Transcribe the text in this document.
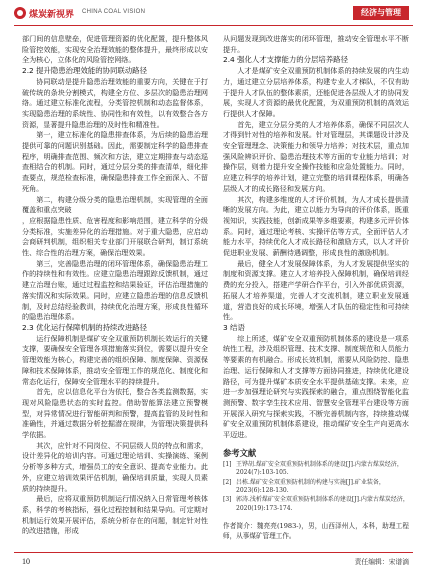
煤炭新视界 CHINA COAL VISION	经济与管理

部门间的信息壁垒，促进管理资源的优化配置，提升整体风险管控效能，实现安全治理效能的整体提升，最终形成以安全为核心，立体化的风险管控网络。

2.2 提升隐患治理效能的协同联动路径

协同联动是提升隐患治理效能的重要方向，关键在于打破传统的条块分割模式，构建全方位、多层次的隐患治理网络。通过建立标准化流程，分类管控机制和动态监督体系，实现隐患治理的系统性、协同性和有效性，以有效整合各方资源，显著提升隐患治理的及时性和精准性。

第一，建立标准化的隐患排查体系，为后续的隐患治理提供可靠的问题识别基础。因此，需要制定科学的隐患排查程序，明确排查范围、频次和方法，建立定期排查与动态巡查相结合的机制。同时，通过分层分类的排查清单，细化排查要点，规范检查标准，确保隐患排查工作全面深入、不留死角。

第二，构建分级分类的隐患治理机制，实现管理的全面覆盖和重点突破

，应根据隐患性质、危害程度和影响范围，建立科学的分级分类标准，实施差异化的治理措施。对于重大隐患，应启动会商研判机制，组织相关专业部门开展联合研判，制订系统性、综合性的治理方案，确保治理效果。

第三，完善隐患治理的闭环管理体系，确保隐患治理工作的持续性和有效性。应建立隐患治理跟踪反馈机制，通过建立治理台账，通过过程监控和结果验证，评估治理措施的落实情况和实际效果。同时，应建立隐患治理的信息反馈机制，及时总结经验教训，持续优化治理方案，形成良性循环的隐患治理体系。

2.3 优化运行保障机制的持续改进路径

运行保障机制是煤矿安全双重预防机制长效运行的关键支撑，要确保安全管理各项措施落实到位，需要以提升安全管理效能为核心，构建完善的组织保障、制度保障、资源保障和技术保障体系，推动安全管理工作的规范化、制度化和常态化运行，保障安全管理水平的持续提升。

首先，应以信息化平台为依托，整合各类监测数据，实现对风险隐患状态的实时监控。借助智能算法建立预警模型，对异常情况进行智能研判和预警，提高监管的及时性和准确性，并通过数据分析挖掘潜在规律，为管理决策提供科学依据。

其次，应针对不同岗位、不同层级人员的特点和需求，设计差异化的培训内容。可通过理论培训、实操演练、案例分析等多种方式，增强员工的安全意识、提高专业能力。此外，应建立培训效果评估机制，确保培训质量，实现人员素质的持续提升。

最后，应将双重预防机制运行情况纳入日常管理考核体系，科学的考核指标，强化过程控制和结果导向。可定期对机制运行效果开展评估，系统分析存在的问题，制定针对性的改进措施，形成

从问题发现到改进落实的闭环管理，推动安全管理水平不断提升。

2.4 强化人才支撑能力的分层培养路径

人才是煤矿安全双重预防机制体系的持续发展的内生动力，通过建立分层培养体系，构建专业人才梯队，不仅有助于提升人才队伍的整体素质，还能促进各层级人才的协同发展，实现人才资源的最优化配置，为双重预防机制的高效运行提供人才保障。

首先，建立分层分类的人才培养体系，确保不同层次人才得到针对性的培养和发展。针对管理层，其课题设计涉及安全管理理念、决策能力和领导力培养；对技术层，重点加强风险辨识评价、隐患治理技术等方面的专业能力培训；对操作层，则着力提升安全操作技能和应急处置能力。同时，应建立科学的培养计划，建立完整的培训课程体系，明确各层级人才的成长路径和发展方向。

其次，构建多维度的人才评价机制，为人才成长提供清晰的发展方向。为此，建立以能力为导向的评价体系，既重视知识，实践技能，创新成果等多维要素，构建多元评价体系。同时，通过理论考核、实操评估等方式，全面评估人才能力水平，持续优化人才成长路径和激励方式，以人才评价促进职业发展、薪酬待遇调整，形成良性的激励机制。

最后，健全人才发展保障体系，为人才发展提供坚实的制度和资源支撑。建立人才培养投入保障机制，确保培训经费的充分投入，搭建产学研合作平台，引入外部优质资源，拓展人才培养渠道，完善人才交流机制，建立职业发展通道，营造良好的成长环境，增强人才队伍的稳定性和可持续性。

3 结语

综上所述，煤矿安全双重预防机制体系的建设是一项系统性工程，涉及组织管理、技术支撑、制度规范和人员能力等要素的有机融合。形成长效机制，需要从风险防控、隐患治理、运行保障和人才支撑等方面协同推进，持续优化建设路径，可为提升煤矿本质安全水平提供基础支撑。未来，应进一步加强理论研究与实践探索的融合，重点围绕智能化监测预警、数字孪生技术应用、智慧安全管理平台建设等方面开展深入研究与探索实践，不断完善机制内容，持续推动煤矿安全双重预防机制体系建设，推动煤矿安全生产向更高水平迈进。

参考文献
[1] 王铧胡.煤矿安全双重预防机制体系的建设[J].内蒙古煤炭经济，2024(7):103-105.
[2] 吕栋.煤矿安全双重预防机制的构建与实施[J].矿业装备，2023(6):128-130.
[3] 郭涛.浅析煤矿安全双重预防机制体系的建设[J].内蒙古煤炭经济，2020(19):173-174.

作者简介：魏亮亮(1983-)，男，山西泽州人，本科，助理工程师，从事煤矿管理工作。

10	责任编辑：宋谱滴
